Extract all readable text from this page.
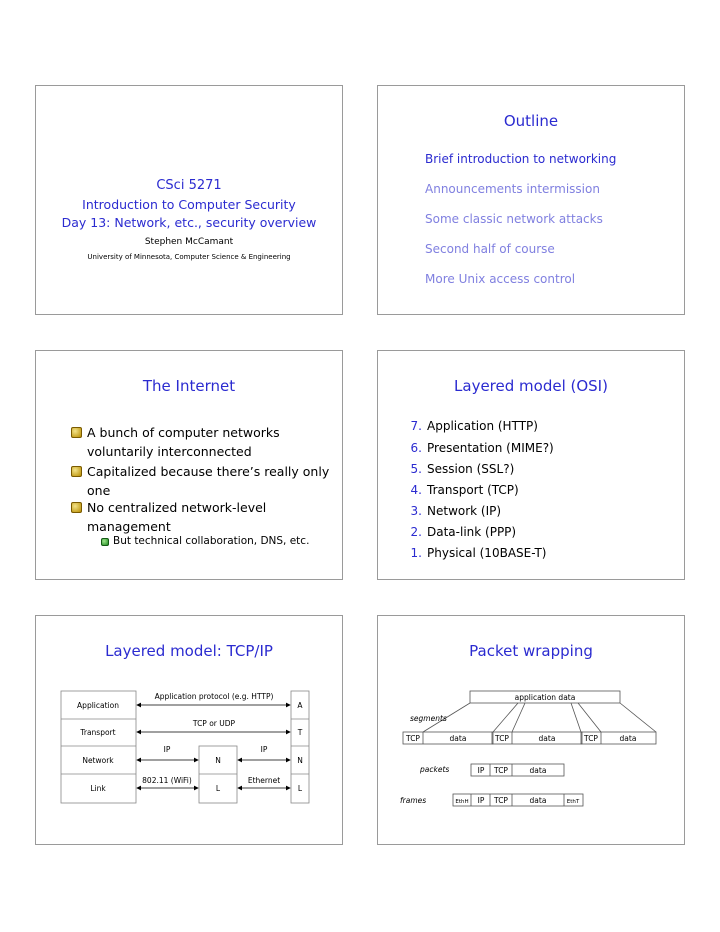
CSci 5271
Introduction to Computer Security
Day 13: Network, etc., security overview
Stephen McCamant
University of Minnesota, Computer Science & Engineering
Outline
Brief introduction to networking
Announcements intermission
Some classic network attacks
Second half of course
More Unix access control
The Internet
A bunch of computer networks
voluntarily interconnected
Capitalized because there’s really only
one
No centralized network-level
management
But technical collaboration, DNS, etc.
Layered model (OSI)
7. Application (HTTP)
6. Presentation (MIME?)
5. Session (SSL?)
4. Transport (TCP)
3. Network (IP)
2. Data-link (PPP)
1. Physical (10BASE-T)
Layered model: TCP/IP
Application
Transport
Network
Link
A
T
N
L
N
L
Application protocol (e.g. HTTP)
TCP or UDP
IP	IP
802.11 (WiFi)	Ethernet
Packet wrapping
application data
segments
TCP	data	TCP	data	TCP	data
packets	IP TCP	data
frames	EthH IP TCP	data	EthT
